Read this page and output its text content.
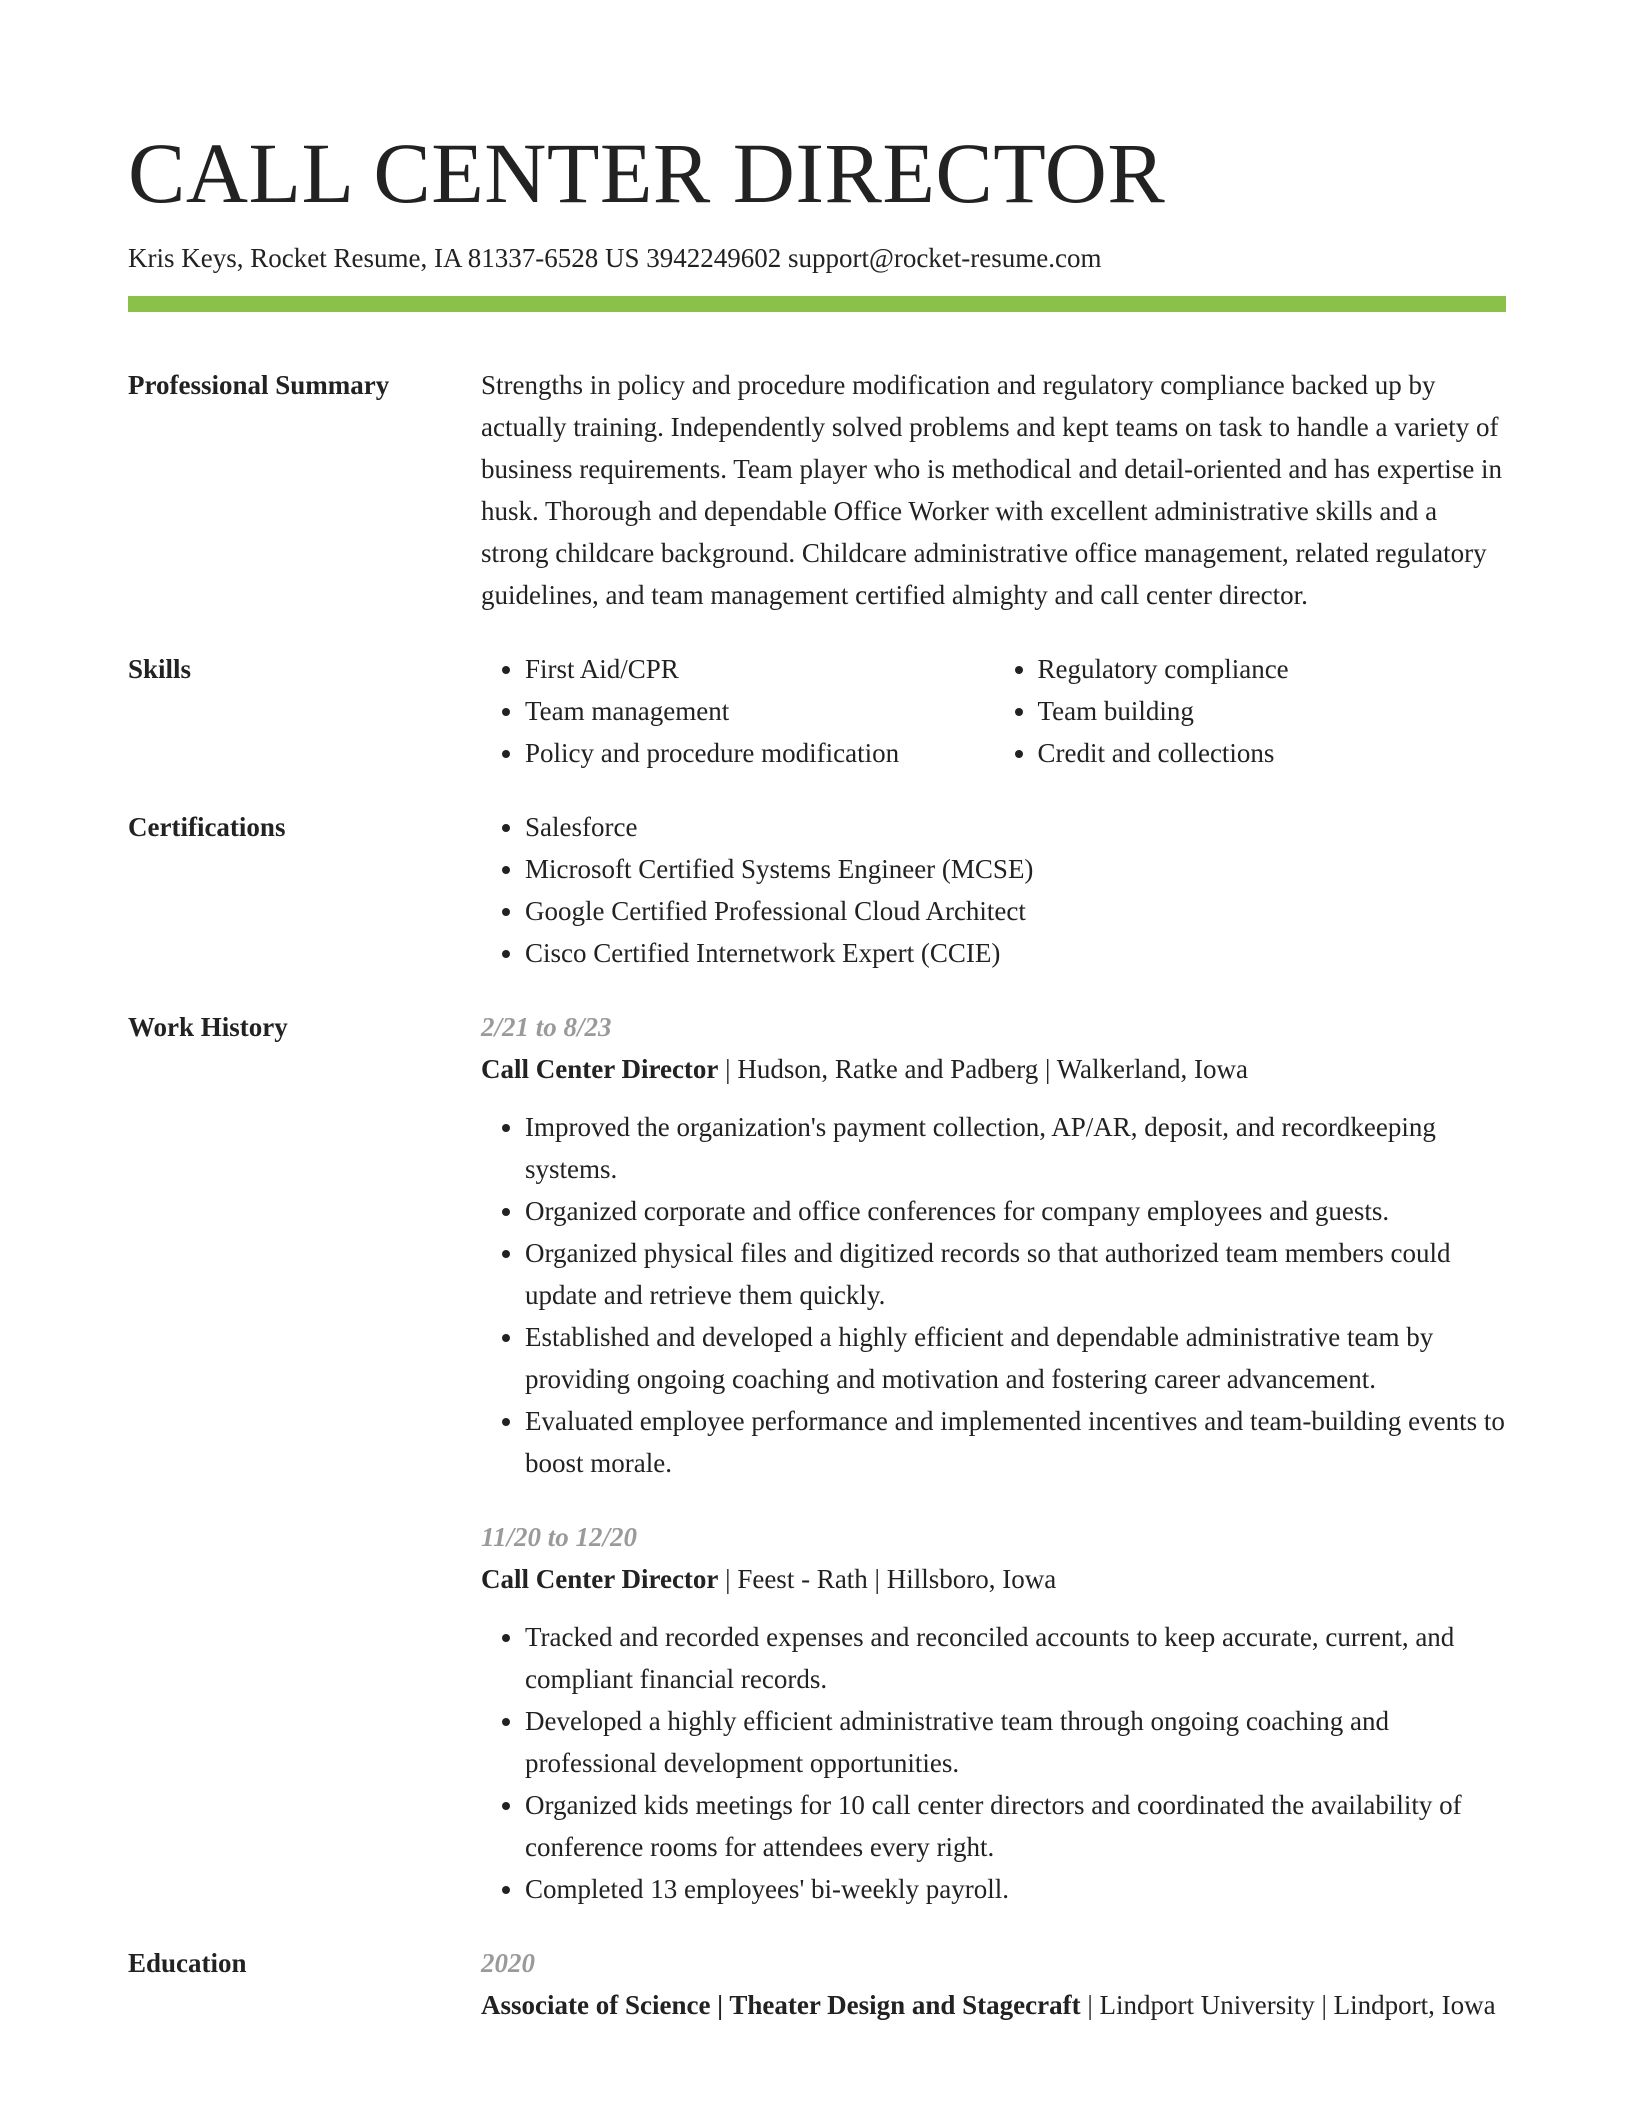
CALL CENTER DIRECTOR
Kris Keys, Rocket Resume, IA 81337-6528 US 3942249602 support@rocket-resume.com
Professional Summary	Strengths in policy and procedure modification and regulatory compliance backed up by actually training. Independently solved problems and kept teams on task to handle a variety of business requirements. Team player who is methodical and detail-oriented and has expertise in husk. Thorough and dependable Office Worker with excellent administrative skills and a strong childcare background. Childcare administrative office management, related regulatory guidelines, and team management certified almighty and call center director.
Skills	• First Aid/CPR
• Team management
• Policy and procedure modification
• Regulatory compliance
• Team building
• Credit and collections
Certifications	• Salesforce
• Microsoft Certified Systems Engineer (MCSE)
• Google Certified Professional Cloud Architect
• Cisco Certified Internetwork Expert (CCIE)
Work History	2/21 to 8/23
Call Center Director | Hudson, Ratke and Padberg | Walkerland, Iowa
• Improved the organization's payment collection, AP/AR, deposit, and recordkeeping systems.
• Organized corporate and office conferences for company employees and guests.
• Organized physical files and digitized records so that authorized team members could update and retrieve them quickly.
• Established and developed a highly efficient and dependable administrative team by providing ongoing coaching and motivation and fostering career advancement.
• Evaluated employee performance and implemented incentives and team-building events to boost morale.
11/20 to 12/20
Call Center Director | Feest - Rath | Hillsboro, Iowa
• Tracked and recorded expenses and reconciled accounts to keep accurate, current, and compliant financial records.
• Developed a highly efficient administrative team through ongoing coaching and professional development opportunities.
• Organized kids meetings for 10 call center directors and coordinated the availability of conference rooms for attendees every right.
• Completed 13 employees' bi-weekly payroll.
Education	2020
Associate of Science | Theater Design and Stagecraft | Lindport University | Lindport, Iowa
